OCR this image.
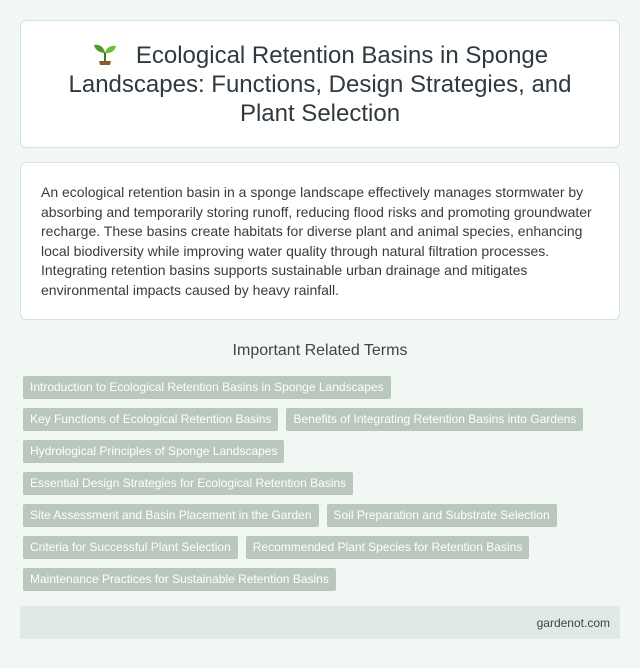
Ecological Retention Basins in Sponge Landscapes: Functions, Design Strategies, and Plant Selection

An ecological retention basin in a sponge landscape effectively manages stormwater by absorbing and temporarily storing runoff, reducing flood risks and promoting groundwater recharge. These basins create habitats for diverse plant and animal species, enhancing local biodiversity while improving water quality through natural filtration processes. Integrating retention basins supports sustainable urban drainage and mitigates environmental impacts caused by heavy rainfall.

Important Related Terms
Introduction to Ecological Retention Basins in Sponge Landscapes
Key Functions of Ecological Retention Basins	Benefits of Integrating Retention Basins into Gardens
Hydrological Principles of Sponge Landscapes
Essential Design Strategies for Ecological Retention Basins
Site Assessment and Basin Placement in the Garden	Soil Preparation and Substrate Selection
Criteria for Successful Plant Selection	Recommended Plant Species for Retention Basins
Maintenance Practices for Sustainable Retention Basins
gardenot.com
